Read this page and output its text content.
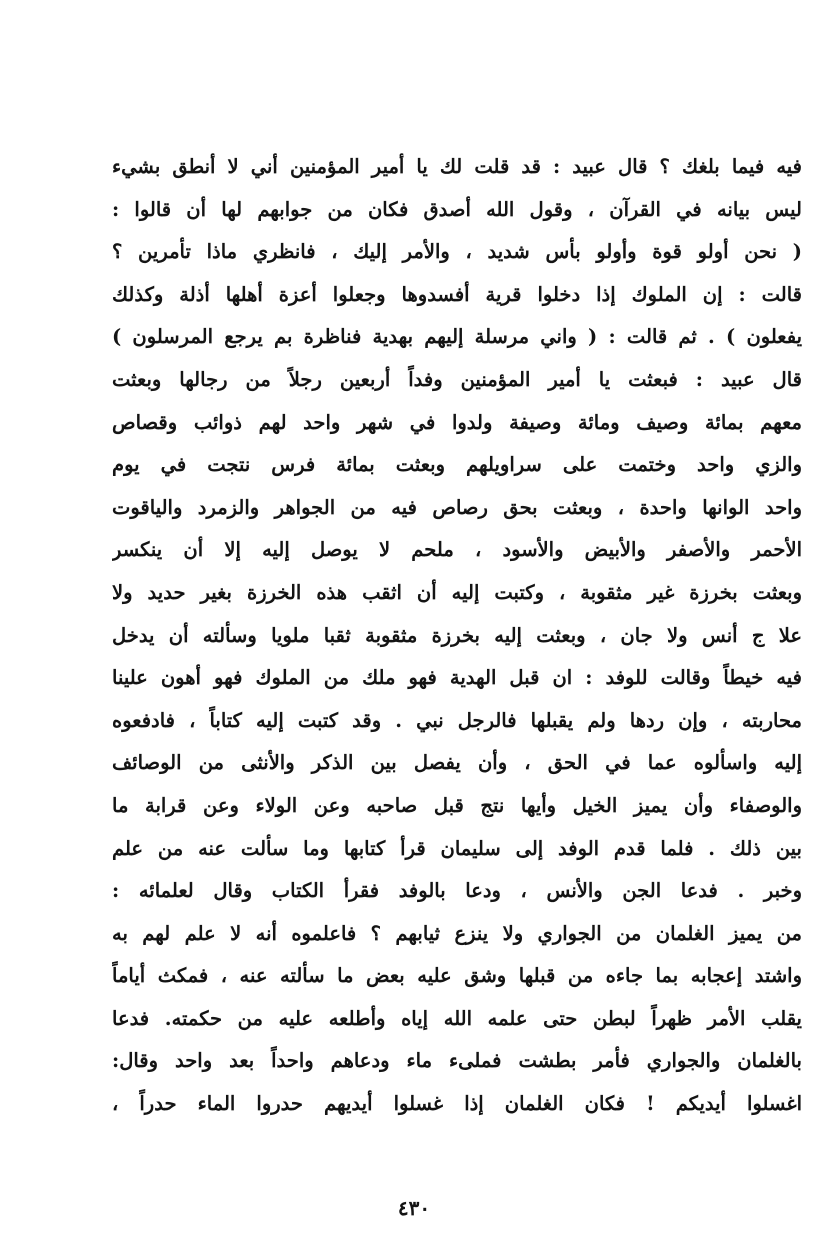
فيه فيما بلغك ؟ قال عبيد : قد قلت لك يا أمير المؤمنين أني لا أنطق بشيء
ليس بيانه في القرآن ، وقول الله أصدق فكان من جوابهم لها أن قالوا :
( نحن أولو قوة وأولو بأس شديد ، والأمر إليك ، فانظري ماذا تأمرين ؟
قالت : إن الملوك إذا دخلوا قرية أفسدوها وجعلوا أعزة أهلها أذلة وكذلك
يفعلون ) . ثم قالت : ( واني مرسلة إليهم بهدية فناظرة بم يرجع المرسلون )
قال عبيد : فبعثت يا أمير المؤمنين وفداً أربعين رجلاً من رجالها وبعثت
معهم بمائة وصيف ومائة وصيفة ولدوا في شهر واحد لهم ذوائب وقصاص
والزي واحد وختمت على سراويلهم وبعثت بمائة فرس نتجت في يوم
واحد الوانها واحدة ، وبعثت بحق رصاص فيه من الجواهر والزمرد والياقوت
الأحمر والأصفر والأبيض والأسود ، ملحم لا يوصل إليه إلا أن ينكسر
وبعثت بخرزة غير مثقوبة ، وكتبت إليه أن اثقب هذه الخرزة بغير حديد ولا
علا ج أنس ولا جان ، وبعثت إليه بخرزة مثقوبة ثقبا ملويا وسألته أن يدخل
فيه خيطاً وقالت للوفد : ان قبل الهدية فهو ملك من الملوك فهو أهون علينا
محاربته ، وإن ردها ولم يقبلها فالرجل نبي . وقد كتبت إليه كتاباً ، فادفعوه
إليه واسألوه عما في الحق ، وأن يفصل بين الذكر والأنثى من الوصائف
والوصفاء وأن يميز الخيل وأيها نتج قبل صاحبه وعن الولاء وعن قرابة ما
بين ذلك . فلما قدم الوفد إلى سليمان قرأ كتابها وما سألت عنه من علم
وخبر . فدعا الجن والأنس ، ودعا بالوفد فقرأ الكتاب وقال لعلمائه :
من يميز الغلمان من الجواري ولا ينزع ثيابهم ؟ فاعلموه أنه لا علم لهم به
واشتد إعجابه بما جاءه من قبلها وشق عليه بعض ما سألته عنه ، فمكث أياماً
يقلب الأمر ظهراً لبطن حتى علمه الله إياه وأطلعه عليه من حكمته. فدعا
بالغلمان والجواري فأمر بطشت فملىء ماء ودعاهم واحداً بعد واحد وقال:
اغسلوا أيديكم ! فكان الغلمان إذا غسلوا أيديهم حدروا الماء حدراً ،
٤٣٠
